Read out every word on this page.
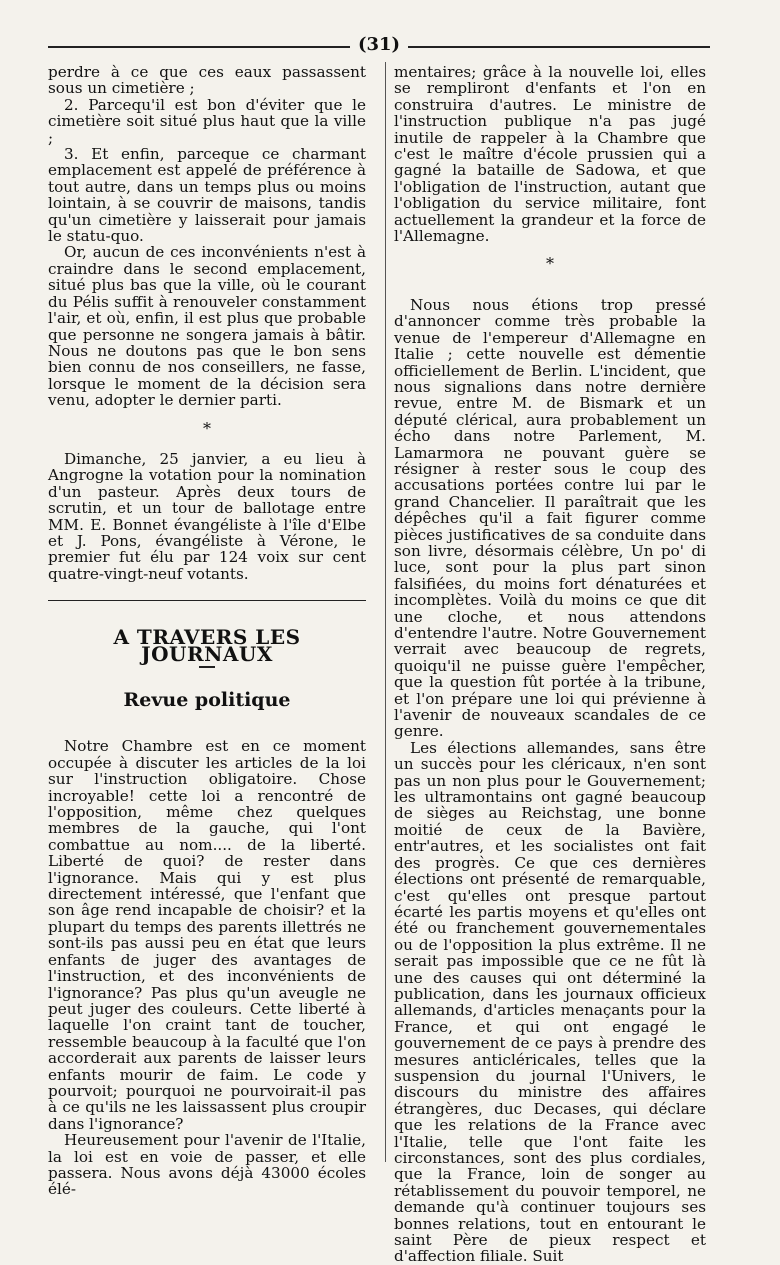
(31)

perdre à ce que ces eaux passassent sous un cimetière ;

2. Parcequ'il est bon d'éviter que le cimetière soit situé plus haut que la ville ;

3. Et enfin, parceque ce charmant emplacement est appelé de préférence à tout autre, dans un temps plus ou moins lointain, à se couvrir de maisons, tandis qu'un cimetière y laisserait pour jamais le statu-quo.

Or, aucun de ces inconvénients n'est à craindre dans le second emplacement, situé plus bas que la ville, où le courant du Pélis suffit à renouveler constamment l'air, et où, enfin, il est plus que probable que personne ne songera jamais à bâtir. Nous ne doutons pas que le bon sens bien connu de nos conseillers, ne fasse, lorsque le moment de la décision sera venu, adopter le dernier parti.

*

Dimanche, 25 janvier, a eu lieu à Angrogne la votation pour la nomination d'un pasteur. Après deux tours de scrutin, et un tour de ballotage entre MM. E. Bonnet évangéliste à l'île d'Elbe et J. Pons, évangéliste à Vérone, le premier fut élu par 124 voix sur cent quatre-vingt-neuf votants.

A TRAVERS LES JOURNAUX
Revue politique

Notre Chambre est en ce moment occupée à discuter les articles de la loi sur l'instruction obligatoire. Chose incroyable! cette loi a rencontré de l'opposition, même chez quelques membres de la gauche, qui l'ont combattue au nom.... de la liberté. Liberté de quoi? de rester dans l'ignorance. Mais qui y est plus directement intéressé, que l'enfant que son âge rend incapable de choisir? et la plupart du temps des parents illettrés ne sont-ils pas aussi peu en état que leurs enfants de juger des avantages de l'instruction, et des inconvénients de l'ignorance? Pas plus qu'un aveugle ne peut juger des couleurs. Cette liberté à laquelle l'on craint tant de toucher, ressemble beaucoup à la faculté que l'on accorderait aux parents de laisser leurs enfants mourir de faim. Le code y pourvoit; pourquoi ne pourvoirait-il pas à ce qu'ils ne les laissassent plus croupir dans l'ignorance?

Heureusement pour l'avenir de l'Italie, la loi est en voie de passer, et elle passera. Nous avons déjà 43000 écoles élé-

mentaires; grâce à la nouvelle loi, elles se rempliront d'enfants et l'on en construira d'autres. Le ministre de l'instruction publique n'a pas jugé inutile de rappeler à la Chambre que c'est le maître d'école prussien qui a gagné la bataille de Sadowa, et que l'obligation de l'instruction, autant que l'obligation du service militaire, font actuellement la grandeur et la force de l'Allemagne.

*

Nous nous étions trop pressé d'annoncer comme très probable la venue de l'empereur d'Allemagne en Italie ; cette nouvelle est démentie officiellement de Berlin. L'incident, que nous signalions dans notre dernière revue, entre M. de Bismark et un député clérical, aura probablement un écho dans notre Parlement, M. Lamarmora ne pouvant guère se résigner à rester sous le coup des accusations portées contre lui par le grand Chancelier. Il paraîtrait que les dépêches qu'il a fait figurer comme pièces justificatives de sa conduite dans son livre, désormais célèbre, Un po' di luce, sont pour la plus part sinon falsifiées, du moins fort dénaturées et incomplètes. Voilà du moins ce que dit une cloche, et nous attendons d'entendre l'autre. Notre Gouvernement verrait avec beaucoup de regrets, quoiqu'il ne puisse guère l'empêcher, que la question fût portée à la tribune, et l'on prépare une loi qui prévienne à l'avenir de nouveaux scandales de ce genre.

Les élections allemandes, sans être un succès pour les cléricaux, n'en sont pas un non plus pour le Gouvernement; les ultramontains ont gagné beaucoup de sièges au Reichstag, une bonne moitié de ceux de la Bavière, entr'autres, et les socialistes ont fait des progrès. Ce que ces dernières élections ont présenté de remarquable, c'est qu'elles ont presque partout écarté les partis moyens et qu'elles ont été ou franchement gouvernementales ou de l'opposition la plus extrême. Il ne serait pas impossible que ce ne fût là une des causes qui ont déterminé la publication, dans les journaux officieux allemands, d'articles menaçants pour la France, et qui ont engagé le gouvernement de ce pays à prendre des mesures anticléricales, telles que la suspension du journal l'Univers, le discours du ministre des affaires étrangères, duc Decases, qui déclare que les relations de la France avec l'Italie, telle que l'ont faite les circonstances, sont des plus cordiales, que la France, loin de songer au rétablissement du pouvoir temporel, ne demande qu'à continuer toujours ses bonnes relations, tout en entourant le saint Père de pieux respect et d'affection filiale. Suit
